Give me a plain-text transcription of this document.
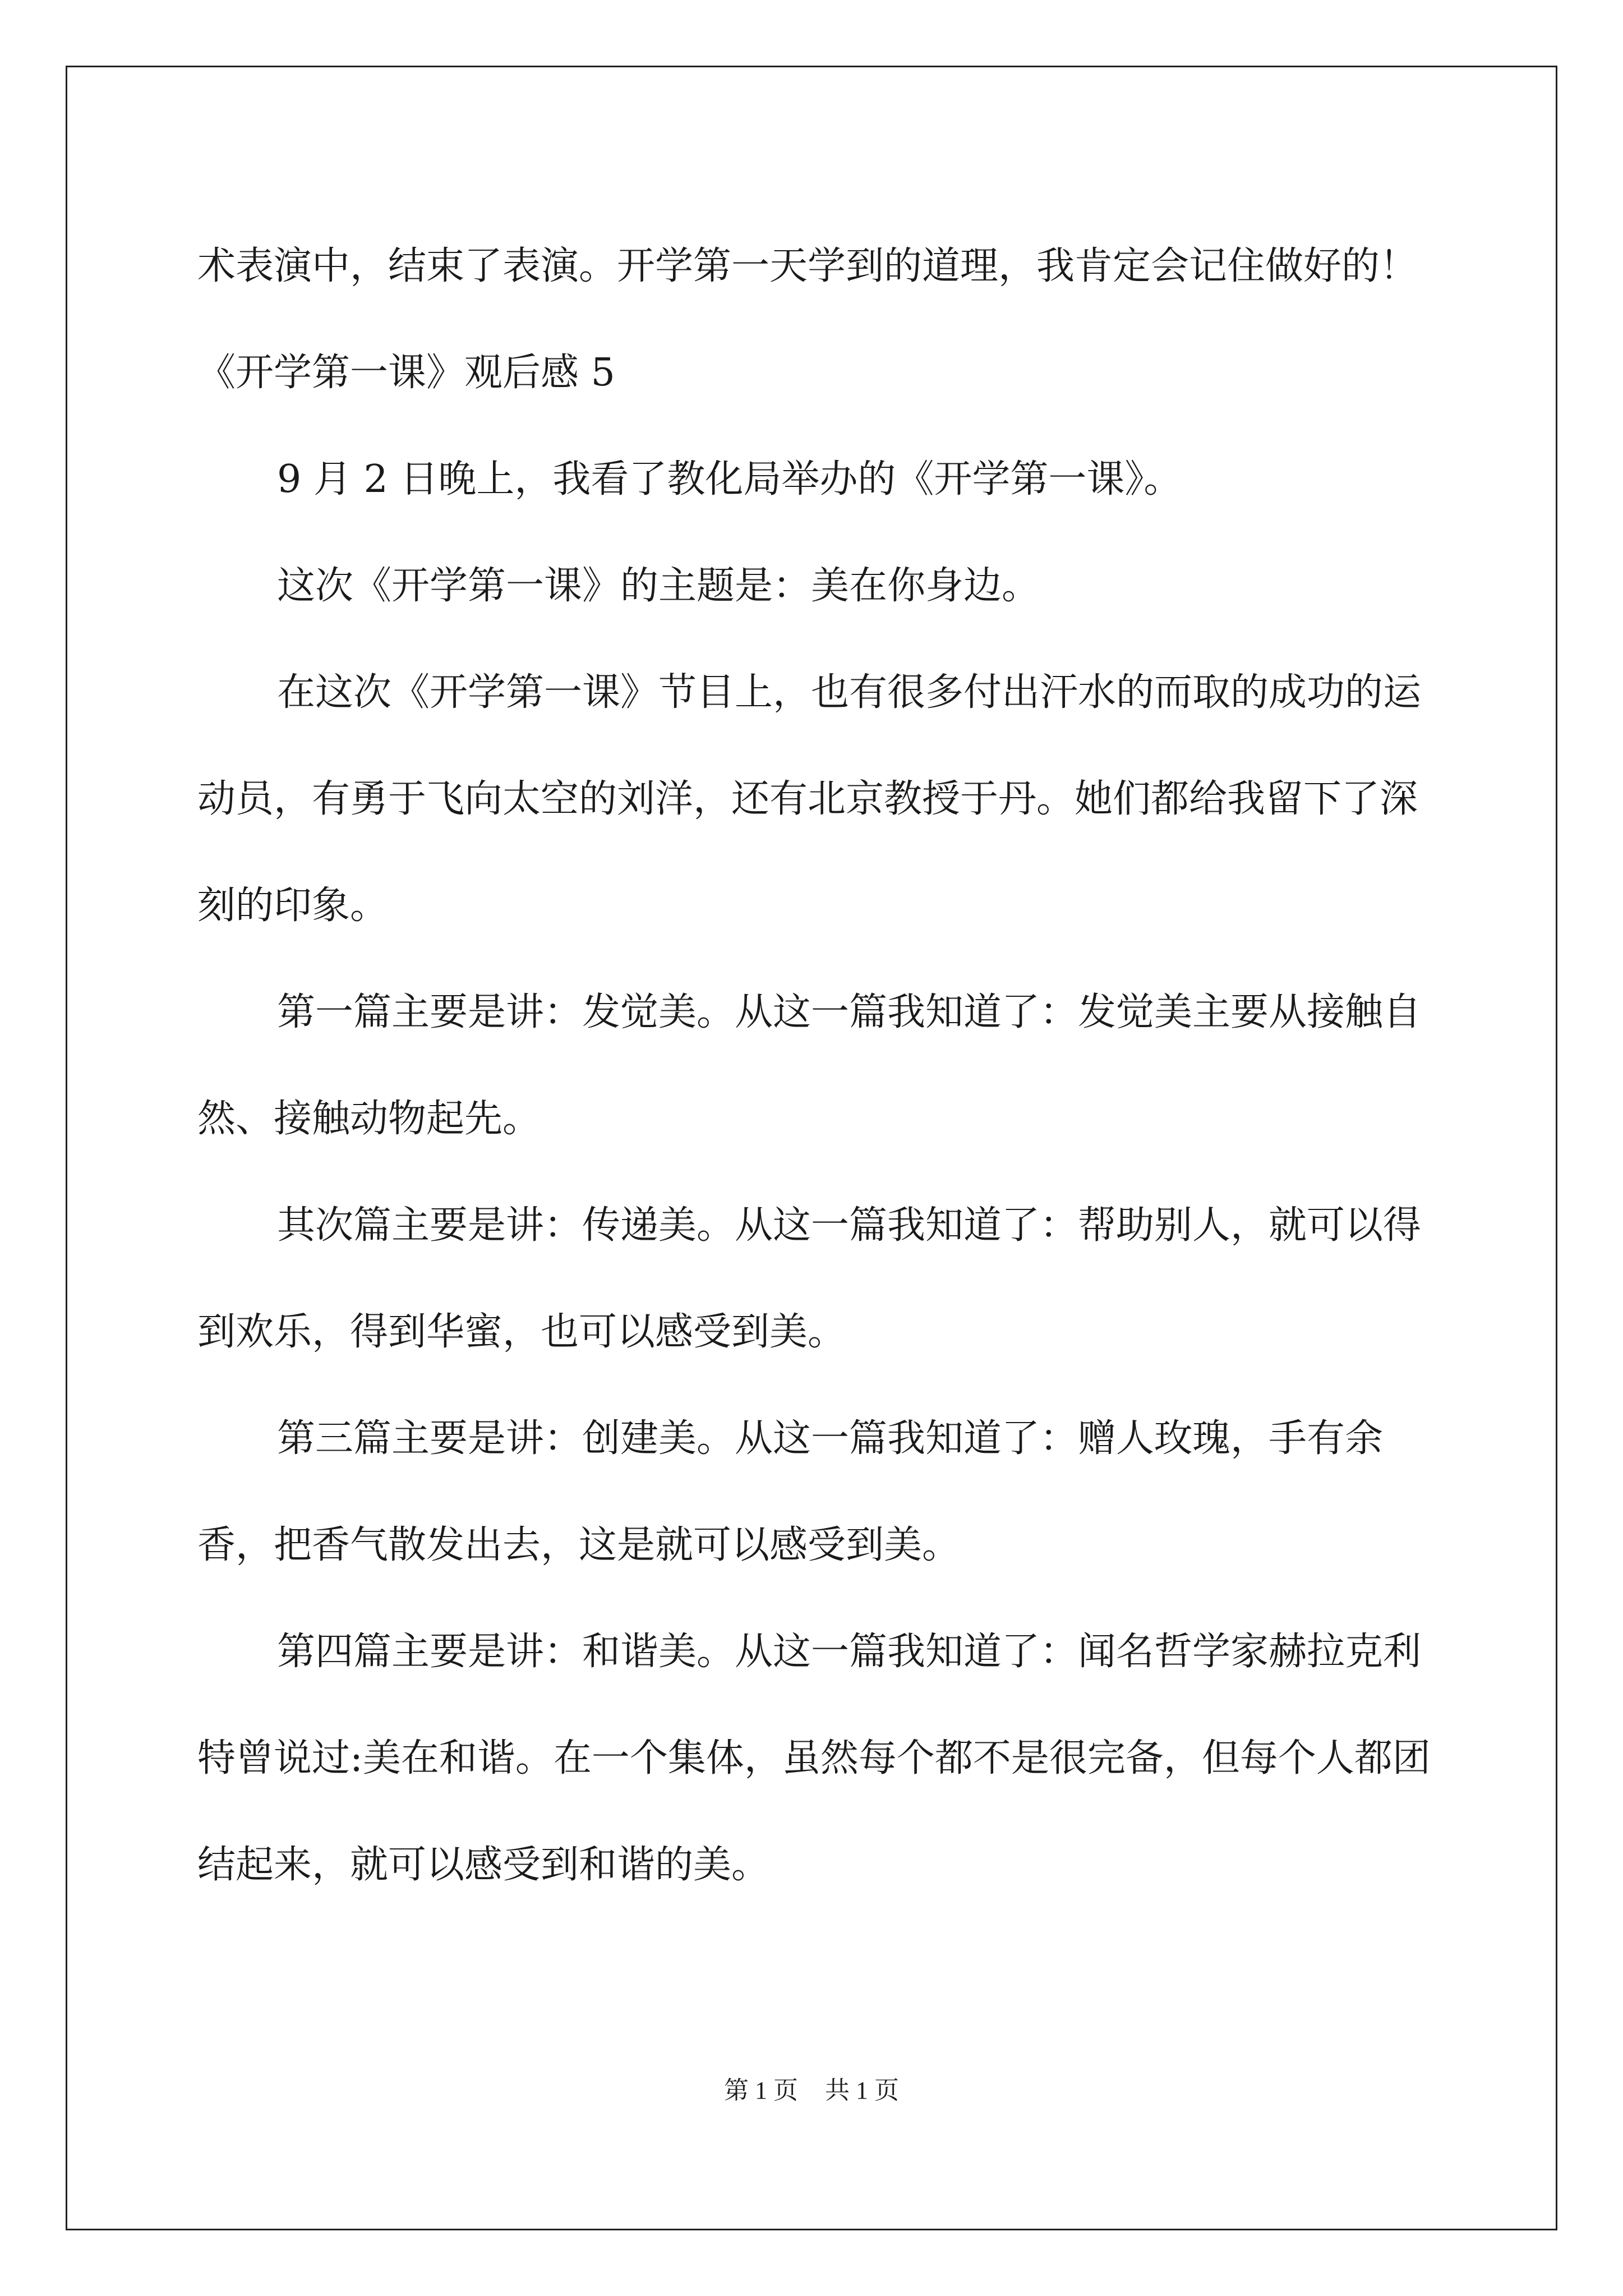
术表演中，结束了表演。开学第一天学到的道理，我肯定会记住做好的！

《开学第一课》观后感 5

9 月 2 日晚上，我看了教化局举办的《开学第一课》。

这次《开学第一课》的主题是：美在你身边。

在这次《开学第一课》节目上，也有很多付出汗水的而取的成功的运动员，有勇于飞向太空的刘洋，还有北京教授于丹。她们都给我留下了深刻的印象。

第一篇主要是讲：发觉美。从这一篇我知道了：发觉美主要从接触自然、接触动物起先。

其次篇主要是讲：传递美。从这一篇我知道了：帮助别人，就可以得到欢乐，得到华蜜，也可以感受到美。

第三篇主要是讲：创建美。从这一篇我知道了：赠人玫瑰，手有余香，把香气散发出去，这是就可以感受到美。

第四篇主要是讲：和谐美。从这一篇我知道了：闻名哲学家赫拉克利特曾说过:美在和谐。在一个集体，虽然每个都不是很完备，但每个人都团结起来，就可以感受到和谐的美。

第 1 页 共 1 页
